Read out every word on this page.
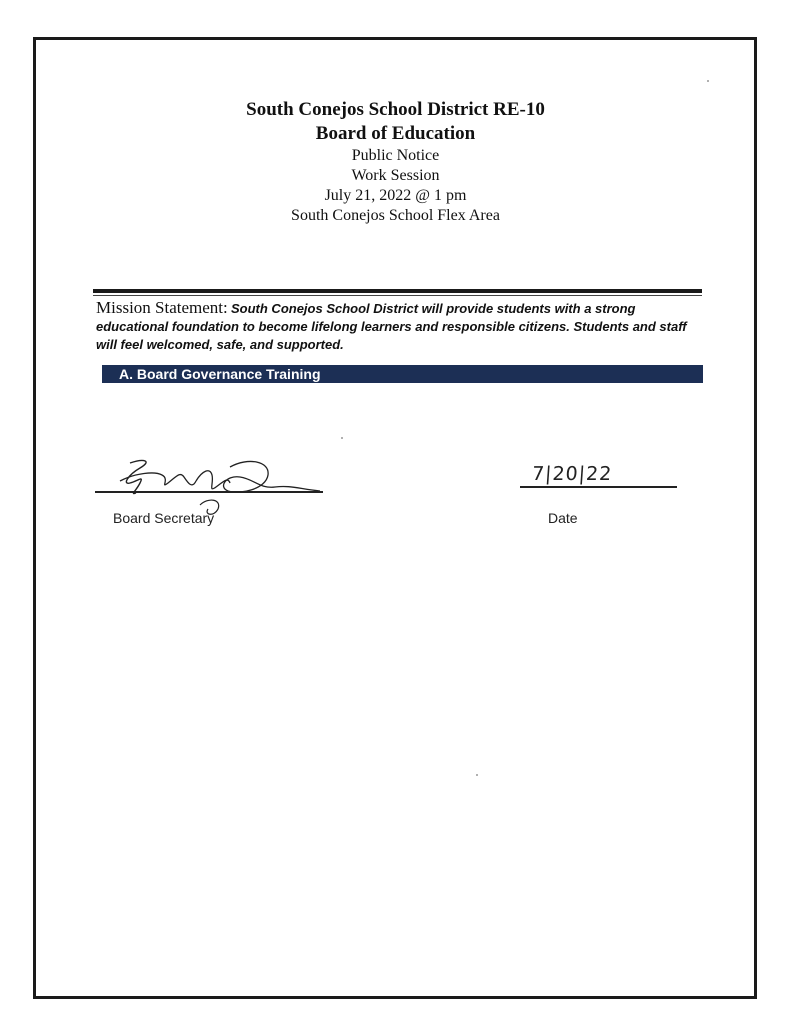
South Conejos School District RE-10
Board of Education
Public Notice
Work Session
July 21, 2022 @ 1 pm
South Conejos School Flex Area
Mission Statement: South Conejos School District will provide students with a strong educational foundation to become lifelong learners and responsible citizens. Students and staff will feel welcomed, safe, and supported.
A. Board Governance Training
Board Secretary
7|20|22
Date
